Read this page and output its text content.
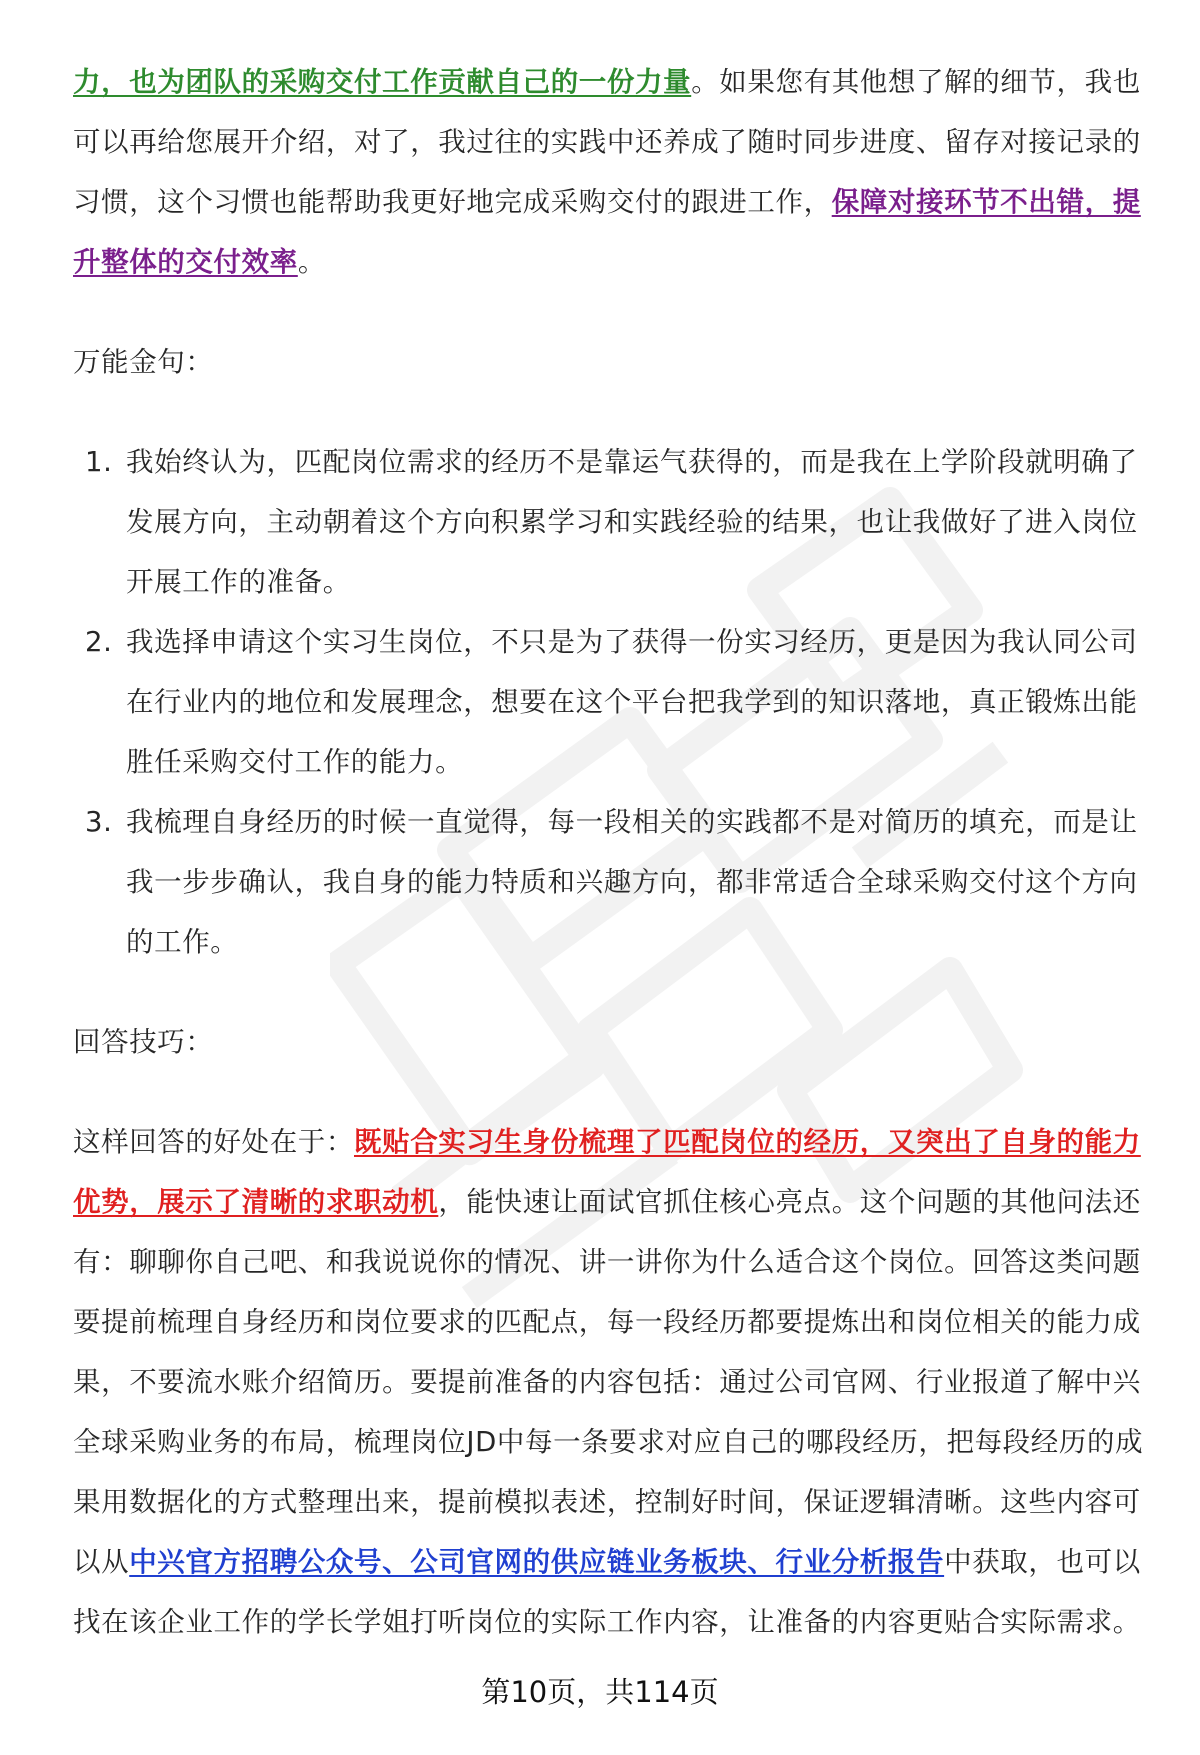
力，也为团队的采购交付工作贡献自己的一份力量。如果您有其他想了解的细节，我也可以再给您展开介绍，对了，我过往的实践中还养成了随时同步进度、留存对接记录的习惯，这个习惯也能帮助我更好地完成采购交付的跟进工作，保障对接环节不出错，提升整体的交付效率。

万能金句：

1. 我始终认为，匹配岗位需求的经历不是靠运气获得的，而是我在上学阶段就明确了发展方向，主动朝着这个方向积累学习和实践经验的结果，也让我做好了进入岗位开展工作的准备。
2. 我选择申请这个实习生岗位，不只是为了获得一份实习经历，更是因为我认同公司在行业内的地位和发展理念，想要在这个平台把我学到的知识落地，真正锻炼出能胜任采购交付工作的能力。
3. 我梳理自身经历的时候一直觉得，每一段相关的实践都不是对简历的填充，而是让我一步步确认，我自身的能力特质和兴趣方向，都非常适合全球采购交付这个方向的工作。

回答技巧：

这样回答的好处在于：既贴合实习生身份梳理了匹配岗位的经历，又突出了自身的能力优势，展示了清晰的求职动机，能快速让面试官抓住核心亮点。这个问题的其他问法还有：聊聊你自己吧、和我说说你的情况、讲一讲你为什么适合这个岗位。回答这类问题要提前梳理自身经历和岗位要求的匹配点，每一段经历都要提炼出和岗位相关的能力成果，不要流水账介绍简历。要提前准备的内容包括：通过公司官网、行业报道了解中兴全球采购业务的布局，梳理岗位JD中每一条要求对应自己的哪段经历，把每段经历的成果用数据化的方式整理出来，提前模拟表述，控制好时间，保证逻辑清晰。这些内容可以从中兴官方招聘公众号、公司官网的供应链业务板块、行业分析报告中获取，也可以找在该企业工作的学长学姐打听岗位的实际工作内容，让准备的内容更贴合实际需求。

第10页，共114页
